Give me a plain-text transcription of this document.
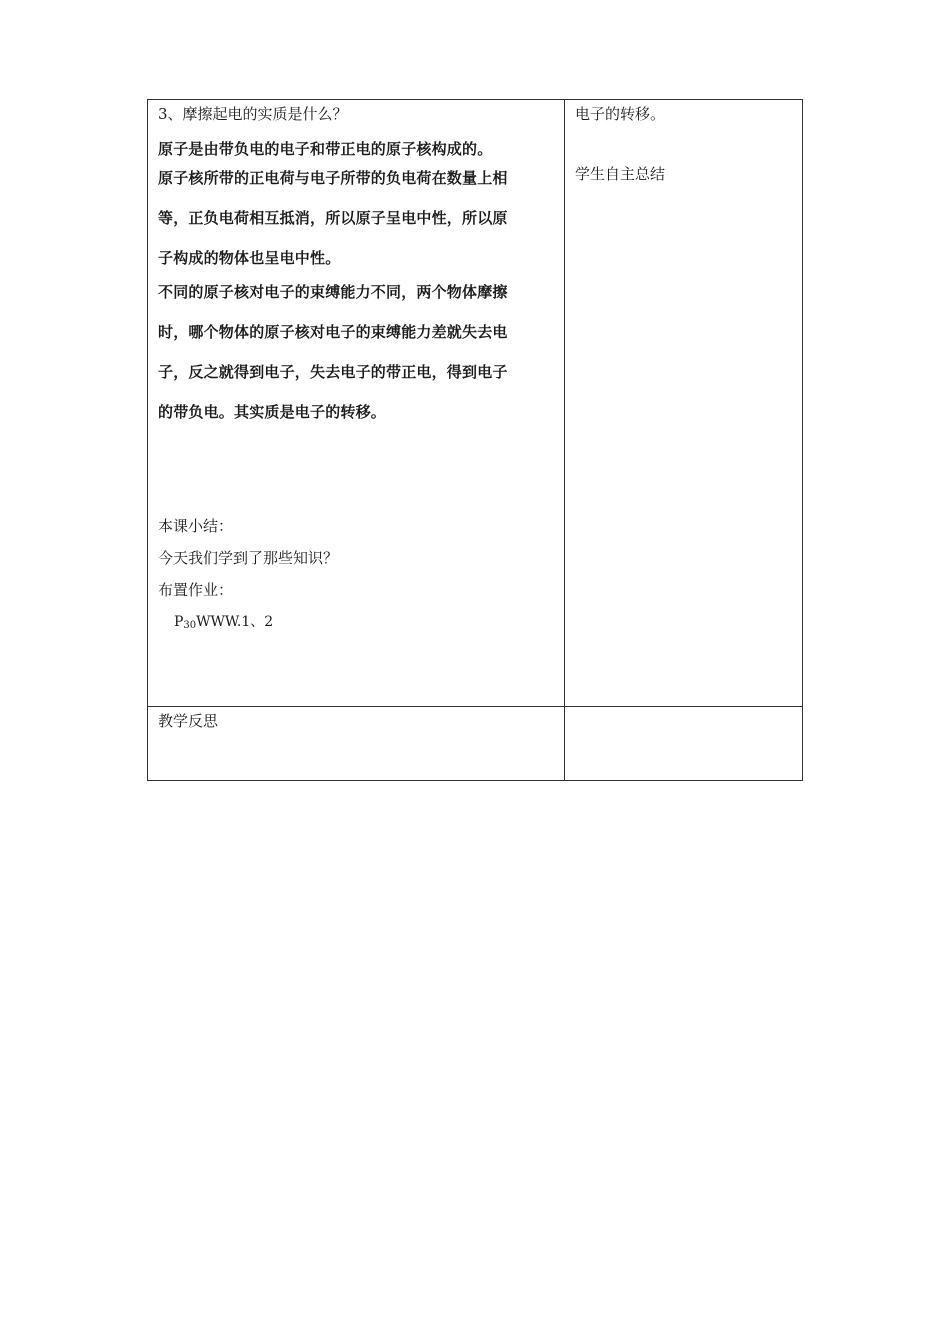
3、摩擦起电的实质是什么？
原子是由带负电的电子和带正电的原子核构成的。
原子核所带的正电荷与电子所带的负电荷在数量上相
等，正负电荷相互抵消，所以原子呈电中性，所以原
子构成的物体也呈电中性。
不同的原子核对电子的束缚能力不同，两个物体摩擦
时，哪个物体的原子核对电子的束缚能力差就失去电
子，反之就得到电子，失去电子的带正电，得到电子
的带负电。其实质是电子的转移。
本课小结：
今天我们学到了那些知识？
布置作业：
$P_{30}WWW.1$、2
电子的转移。
学生自主总结
教学反思
